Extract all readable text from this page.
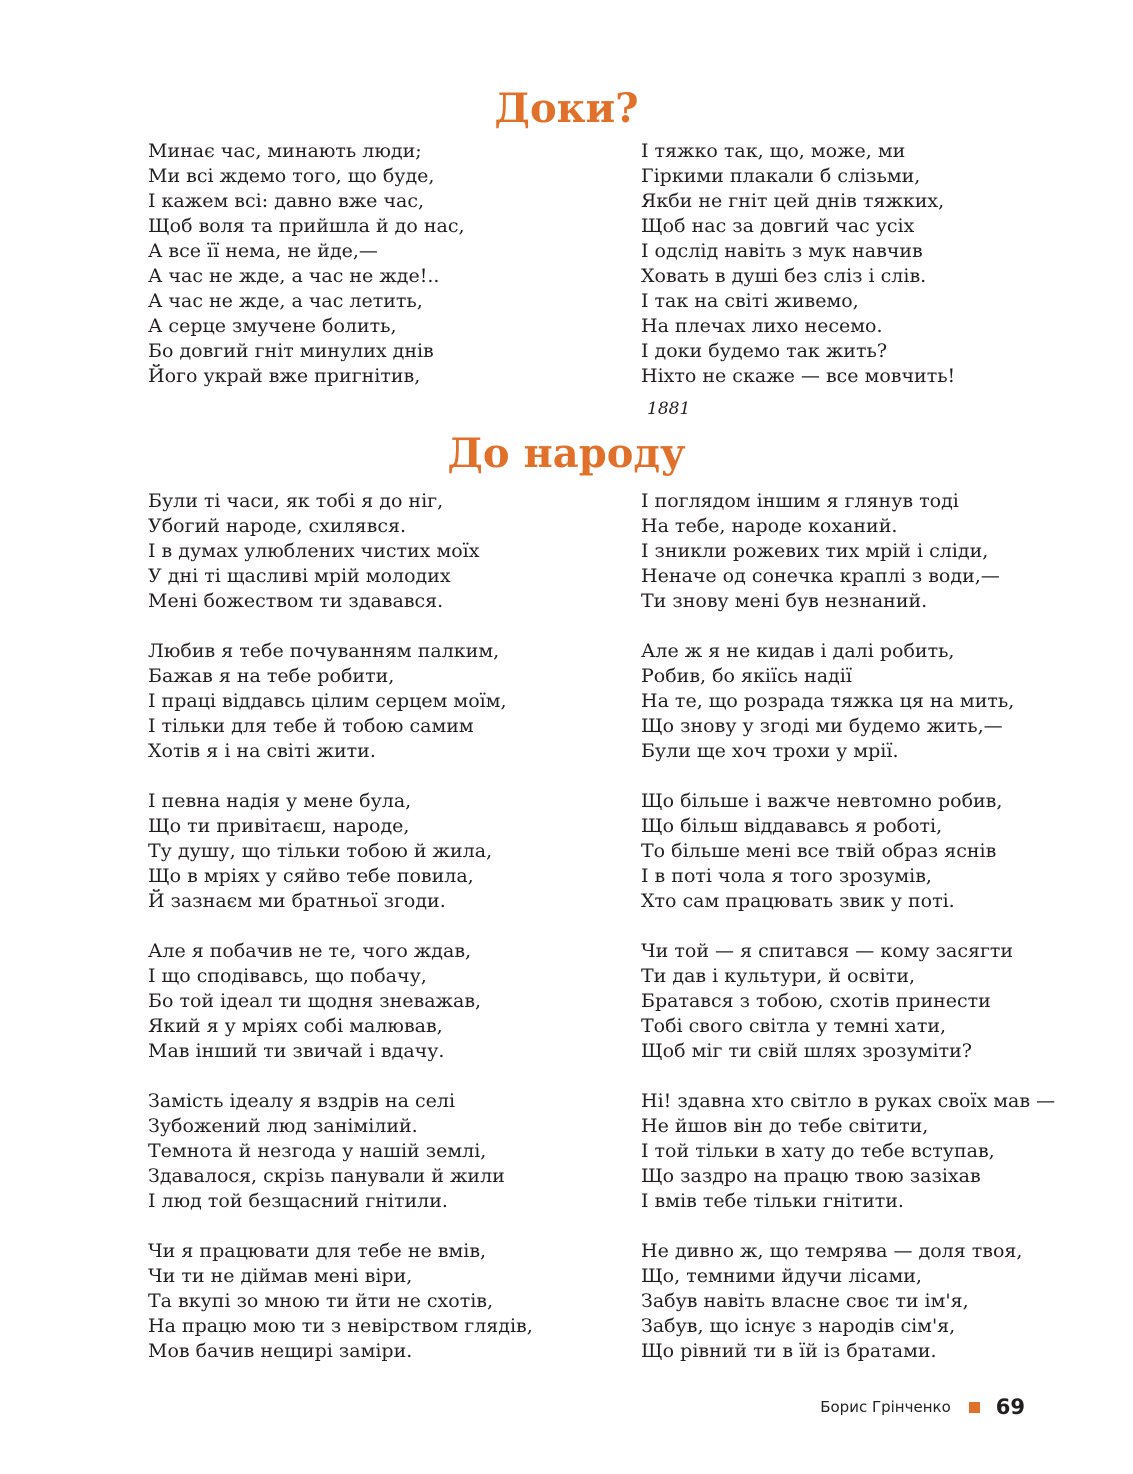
Доки?
Минає час, минають люди;
Ми всі ждемо того, що буде,
І кажем всі: давно вже час,
Щоб воля та прийшла й до нас,
А все її нема, не йде,—
А час не жде, а час не жде!..
А час не жде, а час летить,
А серце змучене болить,
Бо довгий гніт минулих днів
Його украй вже пригнітив,
І тяжко так, що, може, ми
Гіркими плакали б слізьми,
Якби не гніт цей днів тяжких,
Щоб нас за довгий час усіх
І одслід навіть з мук навчив
Ховать в душі без сліз і слів.
І так на світі живемо,
На плечах лихо несемо.
І доки будемо так жить?
Ніхто не скаже — все мовчить!
1881
До народу
Були ті часи, як тобі я до ніг,
Убогий народе, схилявся.
І в думах улюблених чистих моїх
У дні ті щасливі мрій молодих
Мені божеством ти здавався.
Любив я тебе почуванням палким,
Бажав я на тебе робити,
І праці віддавсь цілим серцем моїм,
І тільки для тебе й тобою самим
Хотів я і на світі жити.
І певна надія у мене була,
Що ти привітаєш, народе,
Ту душу, що тільки тобою й жила,
Що в мріях у сяйво тебе повила,
Й зазнаєм ми братньої згоди.
Але я побачив не те, чого ждав,
І що сподівавсь, що побачу,
Бо той ідеал ти щодня зневажав,
Який я у мріях собі малював,
Мав інший ти звичай і вдачу.
Замість ідеалу я вздрів на селі
Зубожений люд занімілий.
Темнота й незгода у нашій землі,
Здавалося, скрізь панували й жили
І люд той безщасний гнітили.
Чи я працювати для тебе не вмів,
Чи ти не діймав мені віри,
Та вкупі зо мною ти йти не схотів,
На працю мою ти з невірством глядів,
Мов бачив нещирі заміри.
І поглядом іншим я глянув тоді
На тебе, народе коханий.
І зникли рожевих тих мрій і сліди,
Неначе од сонечка краплі з води,—
Ти знову мені був незнаний.
Але ж я не кидав і далі робить,
Робив, бо якіїсь надії
На те, що розрада тяжка ця на мить,
Що знову у згоді ми будемо жить,—
Були ще хоч трохи у мрії.
Що більше і важче невтомно робив,
Що більш віддававсь я роботі,
То більше мені все твій образ яснів
І в поті чола я того зрозумів,
Хто сам працювать звик у поті.
Чи той — я спитався — кому засягти
Ти дав і культури, й освіти,
Братався з тобою, схотів принести
Тобі свого світла у темні хати,
Щоб міг ти свій шлях зрозуміти?
Ні! здавна хто світло в руках своїх мав —
Не йшов він до тебе світити,
І той тільки в хату до тебе вступав,
Що заздро на працю твою зазіхав
І вмів тебе тільки гнітити.
Не дивно ж, що темрява — доля твоя,
Що, темними йдучи лісами,
Забув навіть власне своє ти ім'я,
Забув, що існує з народів сім'я,
Що рівний ти в їй із братами.
Борис Грінченко 69
